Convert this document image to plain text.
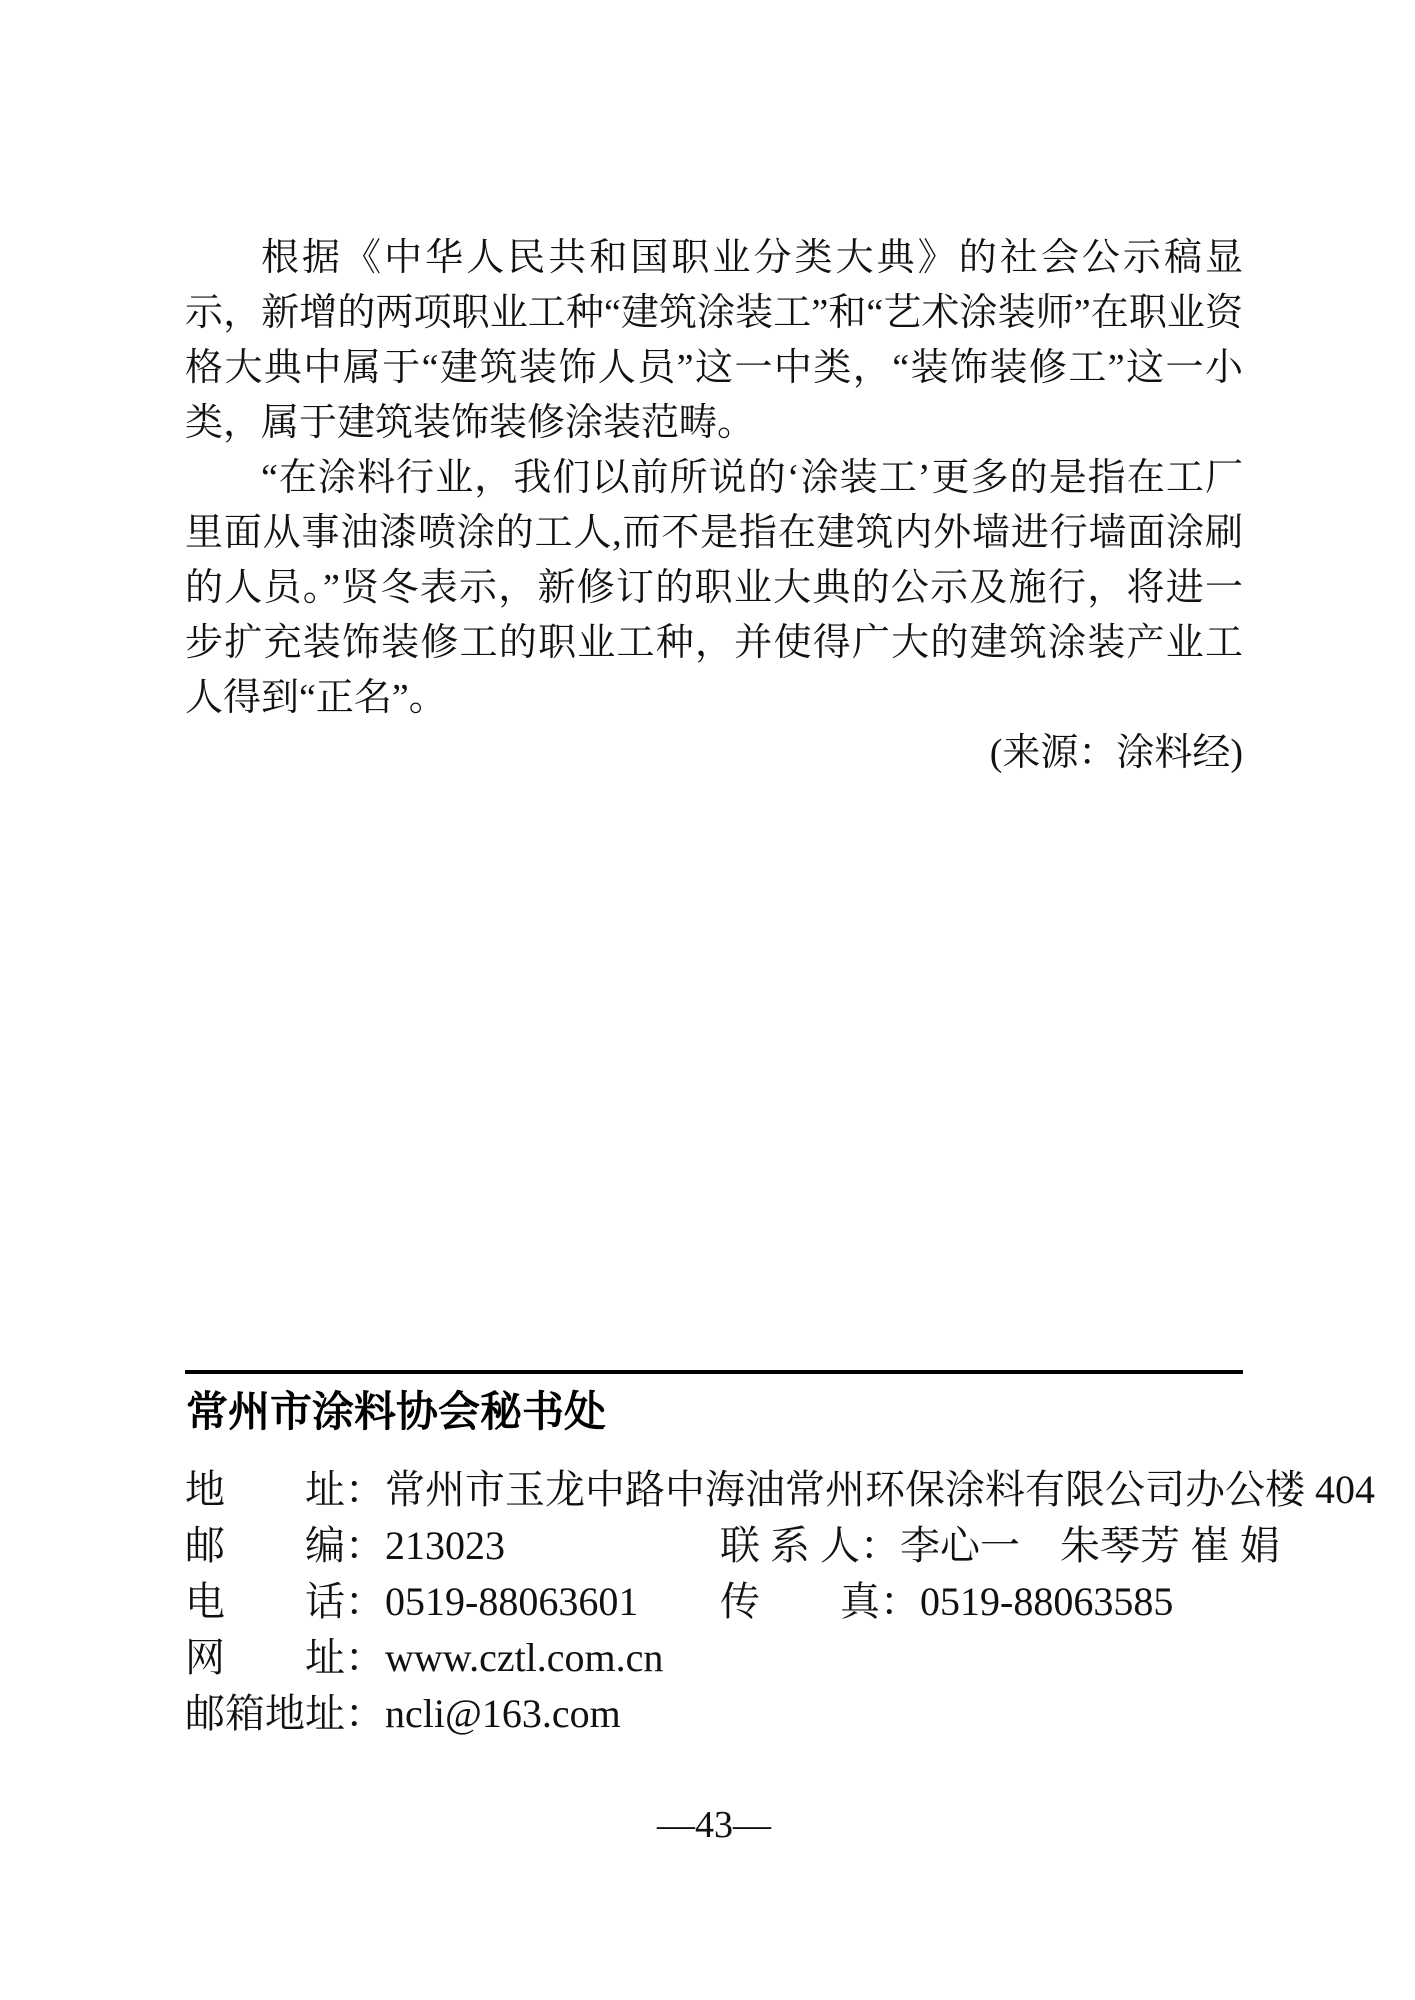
根据《中华人民共和国职业分类大典》的社会公示稿显示，新增的两项职业工种“建筑涂装工”和“艺术涂装师”在职业资格大典中属于“建筑装饰人员”这一中类，“装饰装修工”这一小类，属于建筑装饰装修涂装范畴。

“在涂料行业，我们以前所说的‘涂装工’更多的是指在工厂里面从事油漆喷涂的工人,而不是指在建筑内外墙进行墙面涂刷的人员。”贤冬表示，新修订的职业大典的公示及施行，将进一步扩充装饰装修工的职业工种，并使得广大的建筑涂装产业工人得到“正名”。

(来源：涂料经)

常州市涂料协会秘书处
地　　址：常州市玉龙中路中海油常州环保涂料有限公司办公楼 404
邮　　编：213023	联 系 人：李心一　朱琴芳 崔 娟
电　　话：0519-88063601 传　　真：0519-88063585
网　　址：www.cztl.com.cn
邮箱地址：ncli@163.com
—43—
